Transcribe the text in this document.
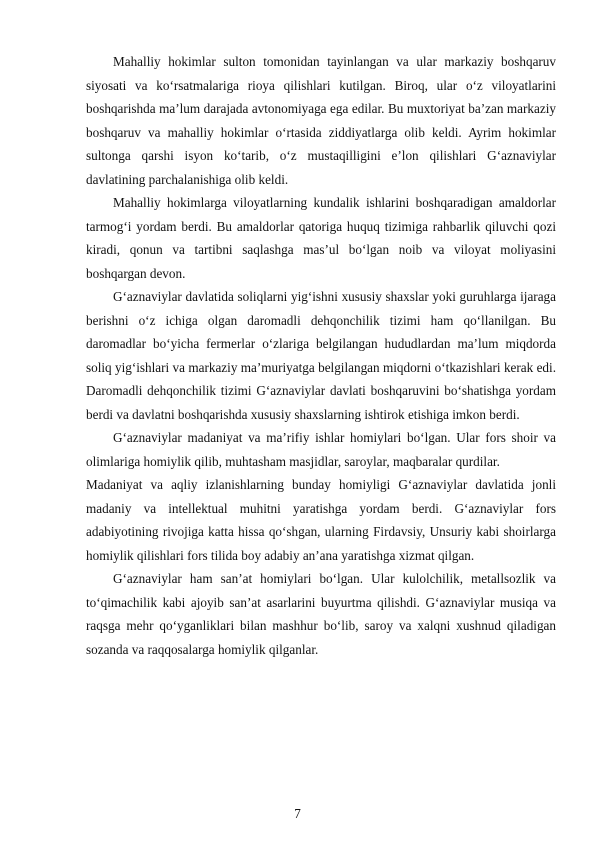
Mahalliy hokimlar sulton tomonidan tayinlangan va ular markaziy boshqaruv siyosati va koʻrsatmalariga rioya qilishlari kutilgan. Biroq, ular oʻz viloyatlarini boshqarishda ma’lum darajada avtonomiyaga ega edilar. Bu muxtoriyat ba’zan markaziy boshqaruv va mahalliy hokimlar oʻrtasida ziddiyatlarga olib keldi. Ayrim hokimlar sultonga qarshi isyon koʻtarib, oʻz mustaqilligini eʼlon qilishlari Gʻaznaviylar davlatining parchalanishiga olib keldi.

Mahalliy hokimlarga viloyatlarning kundalik ishlarini boshqaradigan amaldorlar tarmog‘i yordam berdi. Bu amaldorlar qatoriga huquq tizimiga rahbarlik qiluvchi qozi kiradi, qonun va tartibni saqlashga mas’ul boʻlgan noib va viloyat moliyasini boshqargan devon.

G‘aznaviylar davlatida soliqlarni yig‘ishni xususiy shaxslar yoki guruhlarga ijaraga berishni oʻz ichiga olgan daromadli dehqonchilik tizimi ham qoʻllanilgan. Bu daromadlar boʻyicha fermerlar oʻzlariga belgilangan hududlardan ma’lum miqdorda soliq yig‘ishlari va markaziy ma’muriyatga belgilangan miqdorni oʻtkazishlari kerak edi. Daromadli dehqonchilik tizimi G‘aznaviylar davlati boshqaruvini boʻshatishga yordam berdi va davlatni boshqarishda xususiy shaxslarning ishtirok etishiga imkon berdi.

Gʻaznaviylar madaniyat va maʼrifiy ishlar homiylari boʻlgan. Ular fors shoir va olimlariga homiylik qilib, muhtasham masjidlar, saroylar, maqbaralar qurdilar.

Madaniyat va aqliy izlanishlarning bunday homiyligi G‘aznaviylar davlatida jonli madaniy va intellektual muhitni yaratishga yordam berdi. G‘aznaviylar fors adabiyotining rivojiga katta hissa qoʻshgan, ularning Firdavsiy, Unsuriy kabi shoirlarga homiylik qilishlari fors tilida boy adabiy an’ana yaratishga xizmat qilgan.

G‘aznaviylar ham san’at homiylari boʻlgan. Ular kulolchilik, metallsozlik va toʻqimachilik kabi ajoyib san’at asarlarini buyurtma qilishdi. G‘aznaviylar musiqa va raqsga mehr qoʻyganliklari bilan mashhur boʻlib, saroy va xalqni xushnud qiladigan sozanda va raqqosalarga homiylik qilganlar.

7
